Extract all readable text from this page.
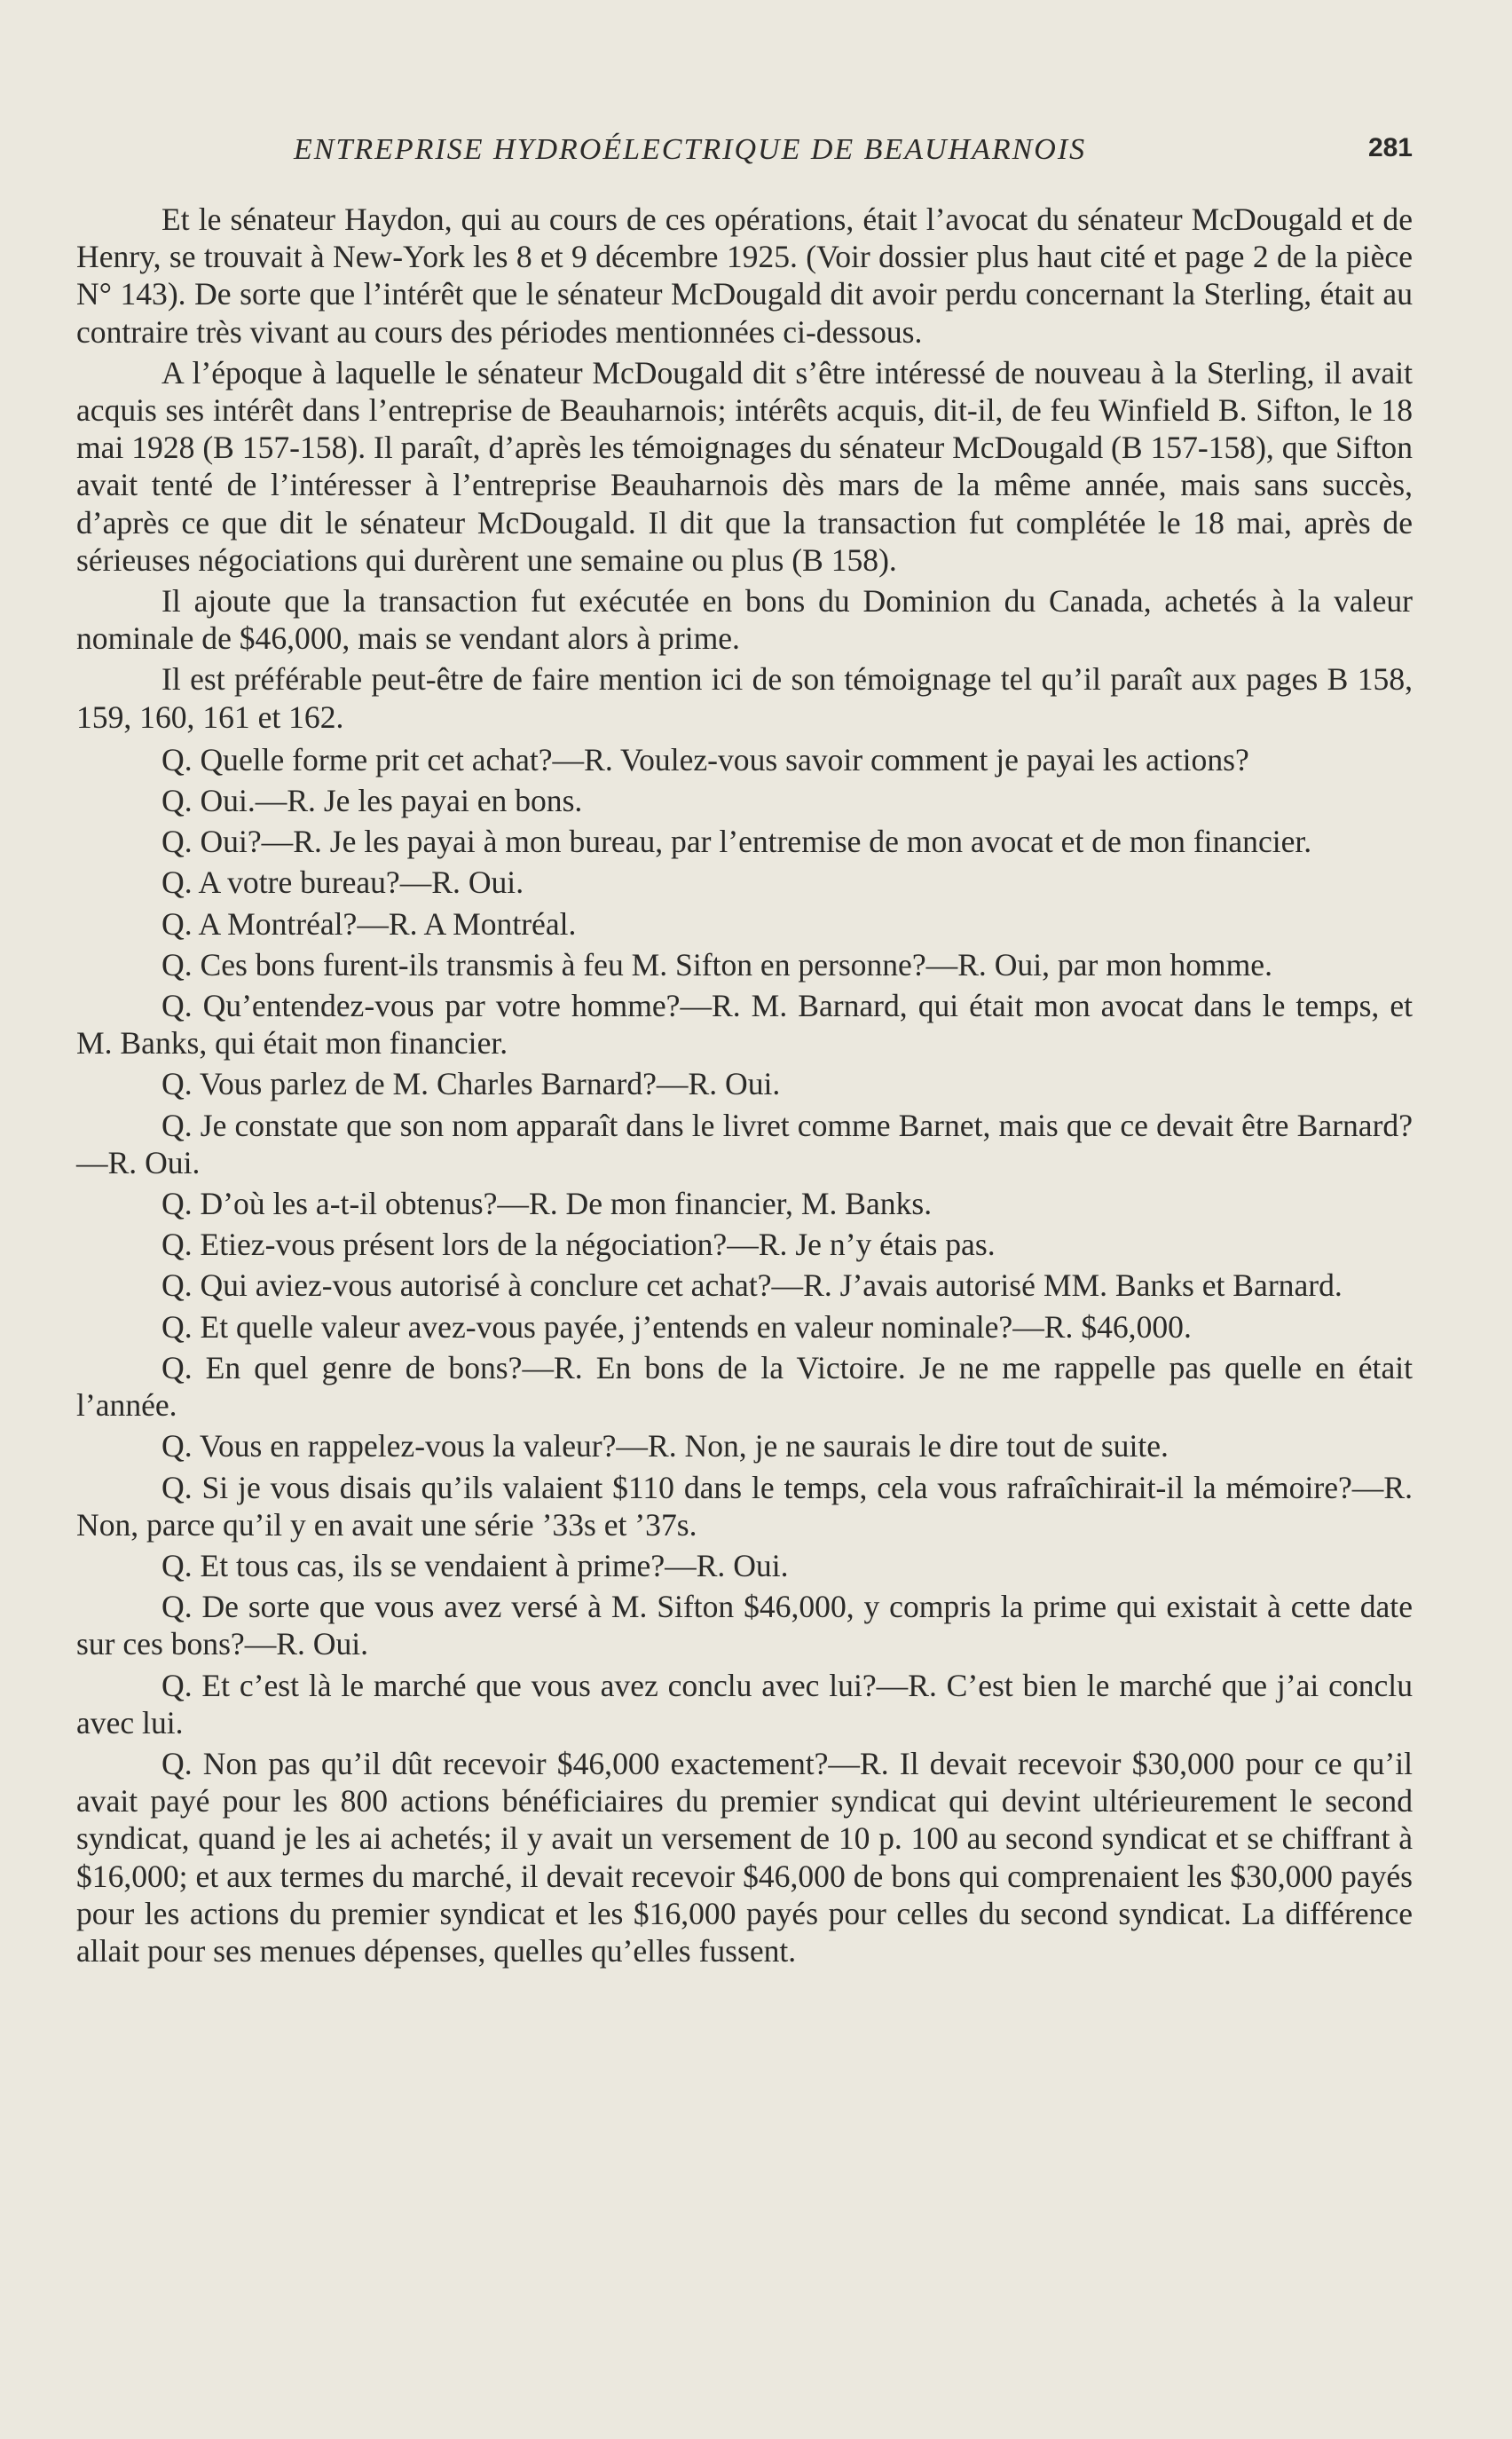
ENTREPRISE HYDROÉLECTRIQUE DE BEAUHARNOIS	281

Et le sénateur Haydon, qui au cours de ces opérations, était l’avocat du sénateur McDougald et de Henry, se trouvait à New-York les 8 et 9 décembre 1925. (Voir dossier plus haut cité et page 2 de la pièce N° 143). De sorte que l’intérêt que le sénateur McDougald dit avoir perdu concernant la Sterling, était au contraire très vivant au cours des périodes mentionnées ci-dessous.

A l’époque à laquelle le sénateur McDougald dit s’être intéressé de nouveau à la Sterling, il avait acquis ses intérêt dans l’entreprise de Beauharnois; intérêts acquis, dit-il, de feu Winfield B. Sifton, le 18 mai 1928 (B 157-158). Il paraît, d’après les témoignages du sénateur McDougald (B 157-158), que Sifton avait tenté de l’intéresser à l’entreprise Beauharnois dès mars de la même année, mais sans succès, d’après ce que dit le sénateur McDougald. Il dit que la transaction fut complétée le 18 mai, après de sérieuses négociations qui durèrent une semaine ou plus (B 158).

Il ajoute que la transaction fut exécutée en bons du Dominion du Canada, achetés à la valeur nominale de $46,000, mais se vendant alors à prime.

Il est préférable peut-être de faire mention ici de son témoignage tel qu’il paraît aux pages B 158, 159, 160, 161 et 162.

Q. Quelle forme prit cet achat?—R. Voulez-vous savoir comment je payai les actions?

Q. Oui.—R. Je les payai en bons.

Q. Oui?—R. Je les payai à mon bureau, par l’entremise de mon avocat et de mon financier.

Q. A votre bureau?—R. Oui.

Q. A Montréal?—R. A Montréal.

Q. Ces bons furent-ils transmis à feu M. Sifton en personne?—R. Oui, par mon homme.

Q. Qu’entendez-vous par votre homme?—R. M. Barnard, qui était mon avocat dans le temps, et M. Banks, qui était mon financier.

Q. Vous parlez de M. Charles Barnard?—R. Oui.

Q. Je constate que son nom apparaît dans le livret comme Barnet, mais que ce devait être Barnard?—R. Oui.

Q. D’où les a-t-il obtenus?—R. De mon financier, M. Banks.

Q. Etiez-vous présent lors de la négociation?—R. Je n’y étais pas.

Q. Qui aviez-vous autorisé à conclure cet achat?—R. J’avais autorisé MM. Banks et Barnard.

Q. Et quelle valeur avez-vous payée, j’entends en valeur nominale?—R. $46,000.

Q. En quel genre de bons?—R. En bons de la Victoire. Je ne me rappelle pas quelle en était l’année.

Q. Vous en rappelez-vous la valeur?—R. Non, je ne saurais le dire tout de suite.

Q. Si je vous disais qu’ils valaient $110 dans le temps, cela vous rafraîchirait-il la mémoire?—R. Non, parce qu’il y en avait une série ’33s et ’37s.

Q. Et tous cas, ils se vendaient à prime?—R. Oui.

Q. De sorte que vous avez versé à M. Sifton $46,000, y compris la prime qui existait à cette date sur ces bons?—R. Oui.

Q. Et c’est là le marché que vous avez conclu avec lui?—R. C’est bien le marché que j’ai conclu avec lui.

Q. Non pas qu’il dût recevoir $46,000 exactement?—R. Il devait recevoir $30,000 pour ce qu’il avait payé pour les 800 actions bénéficiaires du premier syndicat qui devint ultérieurement le second syndicat, quand je les ai achetés; il y avait un versement de 10 p. 100 au second syndicat et se chiffrant à $16,000; et aux termes du marché, il devait recevoir $46,000 de bons qui comprenaient les $30,000 payés pour les actions du premier syndicat et les $16,000 payés pour celles du second syndicat. La différence allait pour ses menues dépenses, quelles qu’elles fussent.
